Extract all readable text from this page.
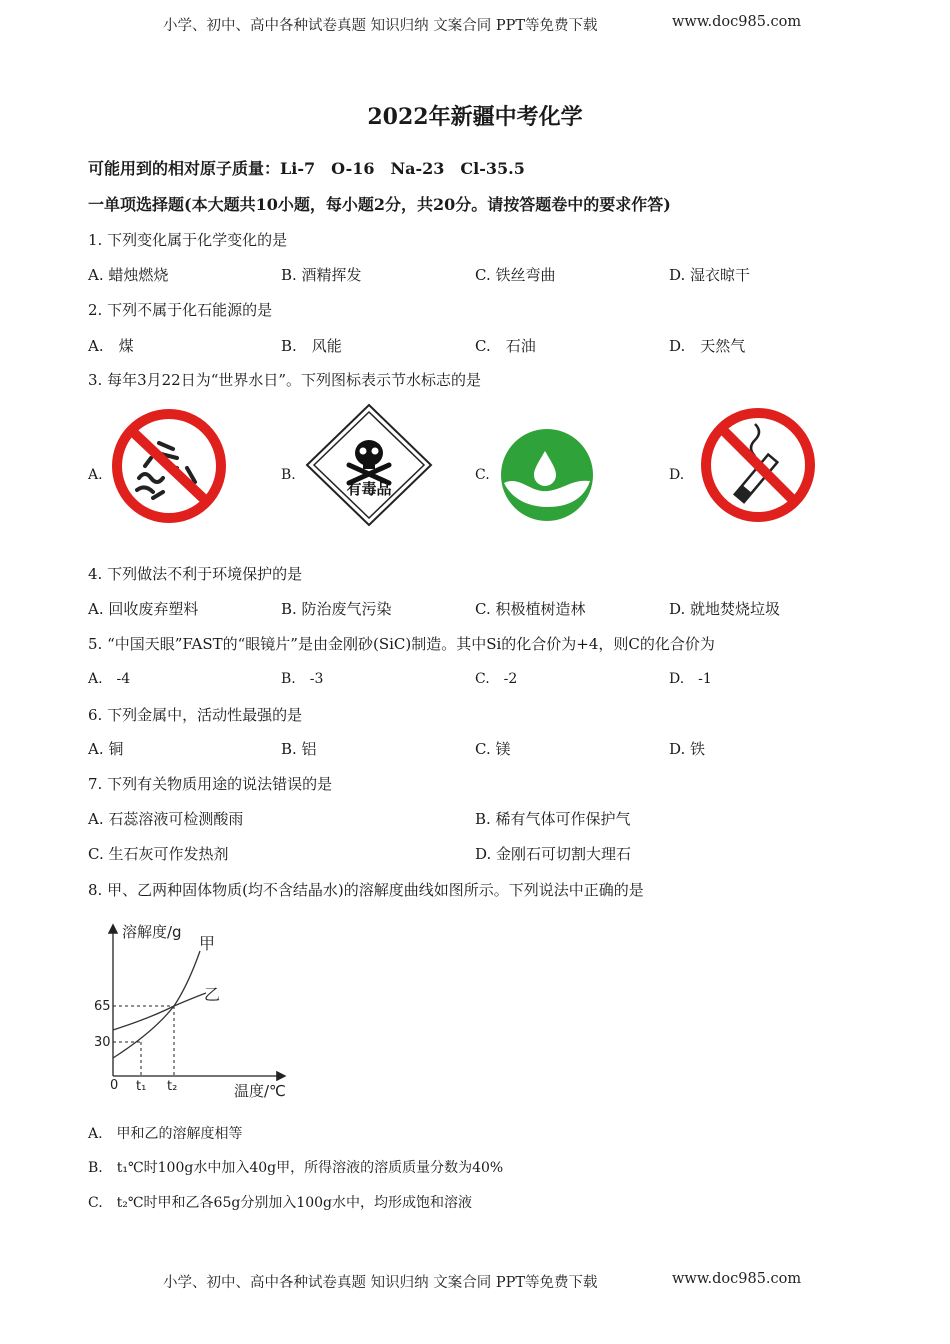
小学、初中、高中各种试卷真题 知识归纳 文案合同 PPT等免费下载	www.doc985.com
2022年新疆中考化学
可能用到的相对原子质量：Li-7　O-16　Na-23　Cl-35.5
一单项选择题(本大题共10小题，每小题2分，共20分。请按答题卷中的要求作答)
1. 下列变化属于化学变化的是
A. 蜡烛燃烧	B. 酒精挥发	C. 铁丝弯曲	D. 湿衣晾干
2. 下列不属于化石能源的是
A.　煤	B.　风能	C.　石油	D.　天然气
3. 每年3月22日为“世界水日”。下列图标表示节水标志的是
A.	B.	C.	D.
有毒品
4. 下列做法不利于环境保护的是
A. 回收废弃塑料	B. 防治废气污染	C. 积极植树造林	D. 就地焚烧垃圾
5. “中国天眼”FAST的“眼镜片”是由金刚砂(SiC)制造。其中Si的化合价为+4，则C的化合价为
A.　-4	B.　-3	C.　-2	D.　-1
6. 下列金属中，活动性最强的是
A. 铜	B. 铝	C. 镁	D. 铁
7. 下列有关物质用途的说法错误的是
A. 石蕊溶液可检测酸雨	B. 稀有气体可作保护气
C. 生石灰可作发热剂	D. 金刚石可切割大理石
8. 甲、乙两种固体物质(均不含结晶水)的溶解度曲线如图所示。下列说法中正确的是
溶解度/g
温度/℃
0
65
30
t₁ t₂
甲
乙
A.　甲和乙的溶解度相等
B.　t₁℃时100g水中加入40g甲，所得溶液的溶质质量分数为40%
C.　t₂℃时甲和乙各65g分别加入100g水中，均形成饱和溶液
小学、初中、高中各种试卷真题 知识归纳 文案合同 PPT等免费下载	www.doc985.com
